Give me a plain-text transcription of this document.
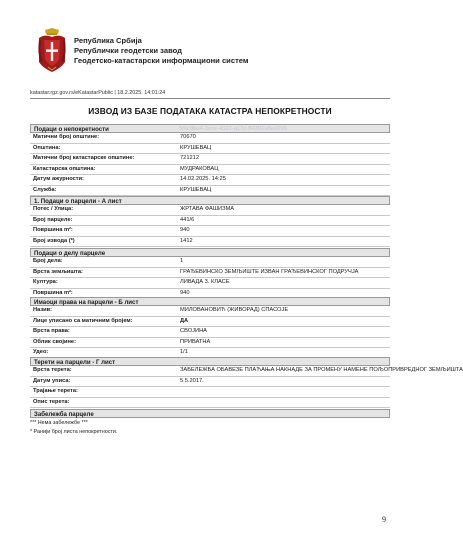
Република Србија
Републички геодетски завод
Геодетско-катастарски информациони систем
katastar.rgz.gov.rs/eKatastarPublic | 18.2.2025. 14:01:24
ИЗВОД ИЗ БАЗЕ ПОДАТАКА КАТАСТРА НЕПОКРЕТНОСТИ
Подаци о непокретности	5f0c8be4-3cce-4322-a17c-84391a8e0096
Матични број општине:	70670
Општина:	КРУШЕВАЦ
Матични број катастарске општине:	721212
Катастарска општина:	МУДРАКОВАЦ
Датум ажурности:	14.02.2025. 14:25
Служба:	КРУШЕВАЦ
1. Подаци о парцели - А лист
Потес / Улица:	ЖРТАВА ФАШИЗМА
Број парцеле:	441/6
Површина m²:	940
Број извода (*)	1412
Подаци о делу парцеле
Број дела:	1
Врста земљишта:	ГРАЂЕВИНСКО ЗЕМЉИШТЕ ИЗВАН ГРАЂЕВИНСКОГ ПОДРУЧЈА
Култура:	ЛИВАДА 3. КЛАСЕ
Површина m²:	940
Имаоци права на парцели - Б лист
Назив:	МИЛОВАНОВИЋ (ЖИВОРАД) СПАСОЈЕ
Лице уписано са матичним бројем:	ДА
Врста права:	СВОЈИНА
Облик својине:	ПРИВАТНА
Удео:	1/1
Терети на парцели - Г лист
Врста терета:	ЗАБЕЛЕЖБА ОБАВЕЗЕ ПЛАЋАЊА НАКНАДЕ ЗА ПРОМЕНУ НАМЕНЕ ПОЉОПРИВРЕДНОГ ЗЕМЉИШТА
Датум уписа:	5.5.2017.
Трајање терета:
Опис терета:
Забележба парцеле
*** Нема забележбе ***
* Ранији број листа непокретности.
9
